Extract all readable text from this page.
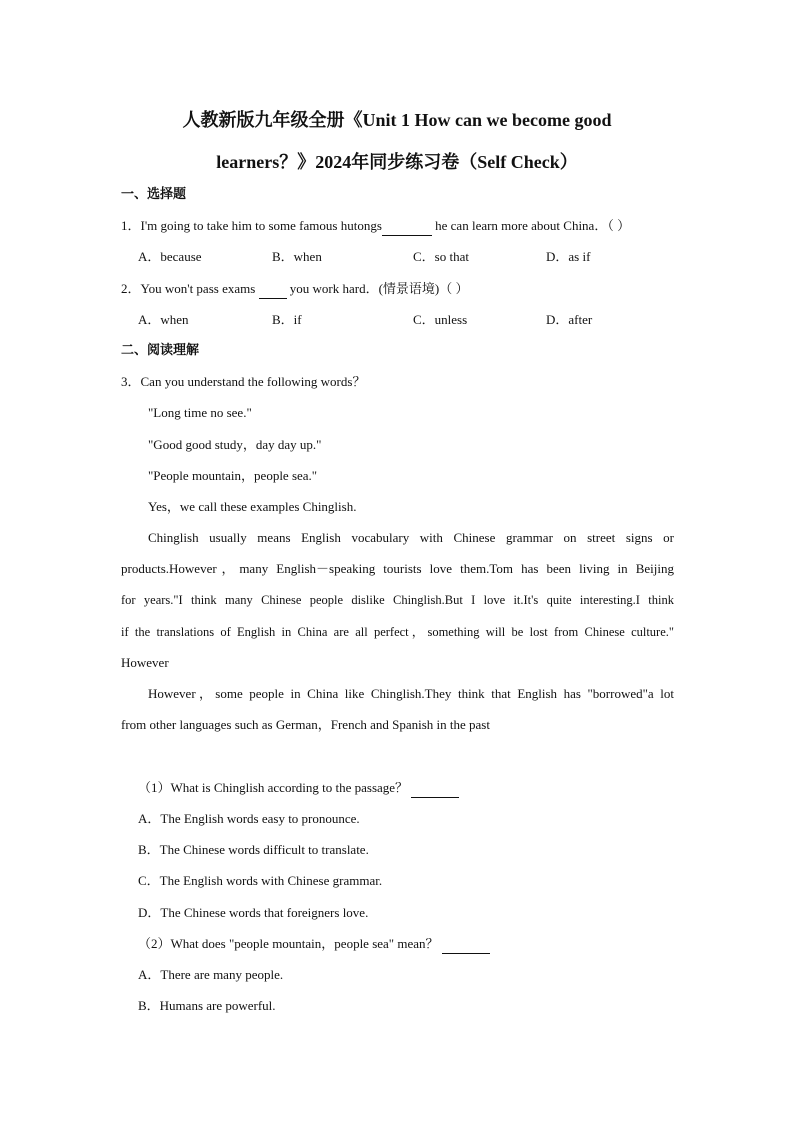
人教新版九年级全册《Unit 1 How can we become good
learners？》2024年同步练习卷（Self Check）
一、选择题
1．I'm going to take him to some famous hutongs	he can learn more about China．（ ）
A．because	B．when	C．so that	D．as if
2．You won't pass exams   you work hard．(情景语境)（ ）
A．when	B．if	C．unless	D．after
二、阅读理解
3．Can you understand the following words？
"Long time no see."
"Good good study，day day up."
"People mountain，people sea."
Yes，we call these examples Chinglish.
Chinglish usually means English vocabulary with Chinese grammar on street signs or
products.However，many English－speaking tourists love them.Tom has been living in Beijing
for years."I think many Chinese people dislike Chinglish.But I love it.It's quite interesting.I think
if the translations of English in China are all perfect，something will be lost from Chinese culture."
However
However，some people in China like Chinglish.They think that English has "borrowed"a lot
from other languages such as German，French and Spanish in the past
（1）What is Chinglish according to the passage？
A．The English words easy to pronounce.
B．The Chinese words difficult to translate.
C．The English words with Chinese grammar.
D．The Chinese words that foreigners love.
（2）What does "people mountain，people sea" mean？
A．There are many people.
B．Humans are powerful.
